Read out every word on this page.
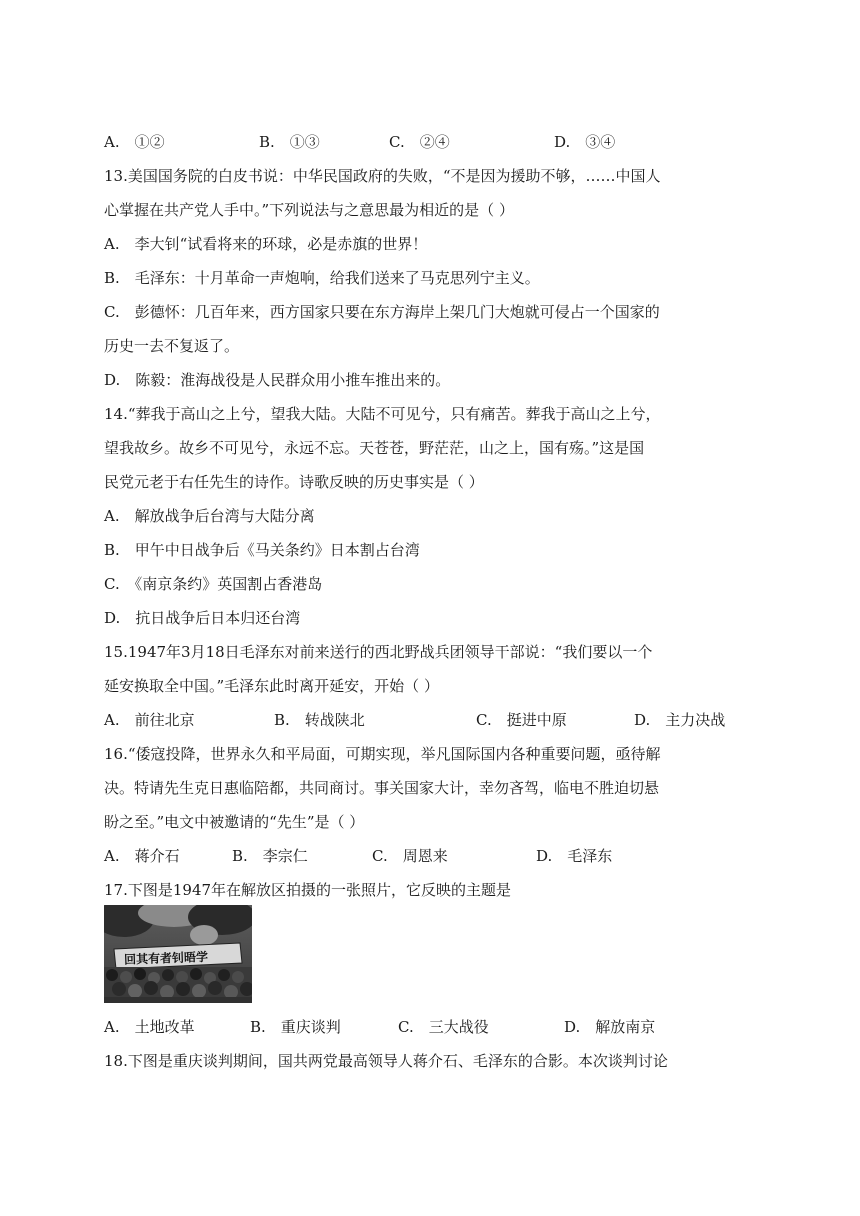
A.　①②	B.　①③	C.　②④	D.　③④
13.美国国务院的白皮书说：中华民国政府的失败，“不是因为援助不够，……中国人
心掌握在共产党人手中。”下列说法与之意思最为相近的是（ ）
A.　李大钊“试看将来的环球，必是赤旗的世界！
B.　毛泽东：十月革命一声炮响，给我们送来了马克思列宁主义。
C.　彭德怀：几百年来，西方国家只要在东方海岸上架几门大炮就可侵占一个国家的
历史一去不复返了。
D.　陈毅：淮海战役是人民群众用小推车推出来的。
14.“葬我于高山之上兮，望我大陆。大陆不可见兮，只有痛苦。葬我于高山之上兮，
望我故乡。故乡不可见兮，永远不忘。天苍苍，野茫茫，山之上，国有殇。”这是国
民党元老于右任先生的诗作。诗歌反映的历史事实是（ ）
A.　解放战争后台湾与大陆分离
B.　甲午中日战争后《马关条约》日本割占台湾
C.　《南京条约》英国割占香港岛
D.　抗日战争后日本归还台湾
15.1947年3月18日毛泽东对前来送行的西北野战兵团领导干部说：“我们要以一个
延安换取全中国。”毛泽东此时离开延安，开始（ ）
A.　前往北京	B.　转战陕北	C.　挺进中原	D.　主力决战
16.“倭寇投降，世界永久和平局面，可期实现，举凡国际国内各种重要问题，亟待解
决。特请先生克日惠临陪都，共同商讨。事关国家大计，幸勿吝驾，临电不胜迫切悬
盼之至。”电文中被邀请的“先生”是（ ）
A.　蒋介石	B.　李宗仁	C.　周恩来	D.　毛泽东
17.下图是1947年在解放区拍摄的一张照片，它反映的主题是
回其有者钊晤学
A.　土地改革	B.　重庆谈判	C.　三大战役	D.　解放南京
18.下图是重庆谈判期间，国共两党最高领导人蒋介石、毛泽东的合影。本次谈判讨论
